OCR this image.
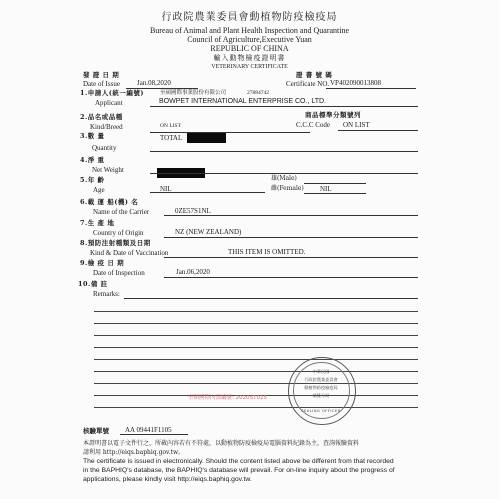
行政院農業委員會動植物防疫檢疫局
Bureau of Animal and Plant Health Inspection and Quarantine
Council of Agriculture,Executive Yuan
REPUBLIC OF CHINA
輸入動物檢疫證明書
VETERINARY CERTIFICATE
發 證 日 期
Date of Issue Jan.08,2020
證 書 號 碼
Certificate NO. VP402090013808
1.申請人(統一編號)
Applicant
至碩國際事業股份有限公司	27884742
BOWPET INTERNATIONAL ENTERPRISE CO., LTD.
2.品名或品種
Kind/Breed	ON LIST
商品標準分類號列
C.C.C Code ON LIST
3.數 量
Quantity
TOTAL
4.淨 重
Net Weight
5.年 齡
Age	NIL
雄(Male)
雌(Female) NIL
6.載 運 船(機) 名
Name of the Carrier	0ZE57S1NL
7.生 產 地
Country of Origin	NZ (NEW ZEALAND)
8.預防注射種類及日期
Kind & Date of Vaccination	THIS ITEM IS OMITTED.
9.檢 疫 日 期
Date of Inspection	Jan.06,2020
10.備 註
Remarks:
中華民國
行政院農業委員會
動植物防疫檢疫局
基隆分局
SEALING OFFICER
至碩國際內部編號: 2020ST025
核驗單號 AA 09441F1105
本證明書以電子文件行之，所載內容若有不符處，以動植物防疫檢疫局電腦資料紀錄為主，查詢報驗資料
請利用 http://eiqs.baphiq.gov.tw。
The certificate is issued in electronically. Should the content listed above be different from that recorded
in the BAPHIQ's database, the BAPHIQ's database will prevail. For on-line inquiry about the progress of
applications, please kindly visit http://eiqs.baphiq.gov.tw.
